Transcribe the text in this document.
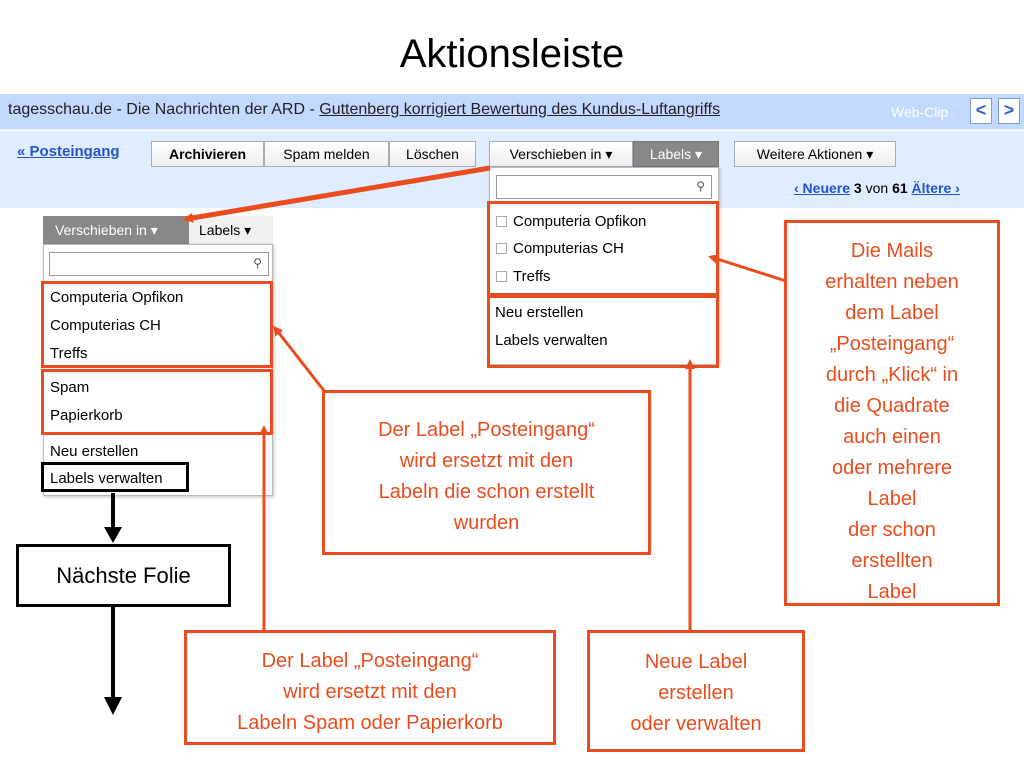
Aktionsleiste
tagesschau.de - Die Nachrichten der ARD - Guttenberg korrigiert Bewertung des Kundus-Luftangriffs	Web-Clip	< >
« Posteingang	Archivieren	Spam melden	Löschen	Verschieben in ▾	Labels ▾	Weitere Aktionen ▾
‹ Neuere 3 von 61 Ältere ›
⚲
Computeria Opfikon
Computerias CH
Treffs
Neu erstellen
Labels verwalten
Verschieben in ▾	Labels ▾
⚲
Computeria Opfikon
Computerias CH
Treffs
Spam
Papierkorb
Neu erstellen
Labels verwalten
Der Label „Posteingang“
wird ersetzt mit den
Labeln die schon erstellt
wurden
Die Mails
erhalten neben
dem Label
„Posteingang“
durch „Klick“ in
die Quadrate
auch einen
oder mehrere
Label
der schon
erstellten
Label
Der Label „Posteingang“
wird ersetzt mit den
Labeln Spam oder Papierkorb
Neue Label
erstellen
oder verwalten
Nächste Folie
